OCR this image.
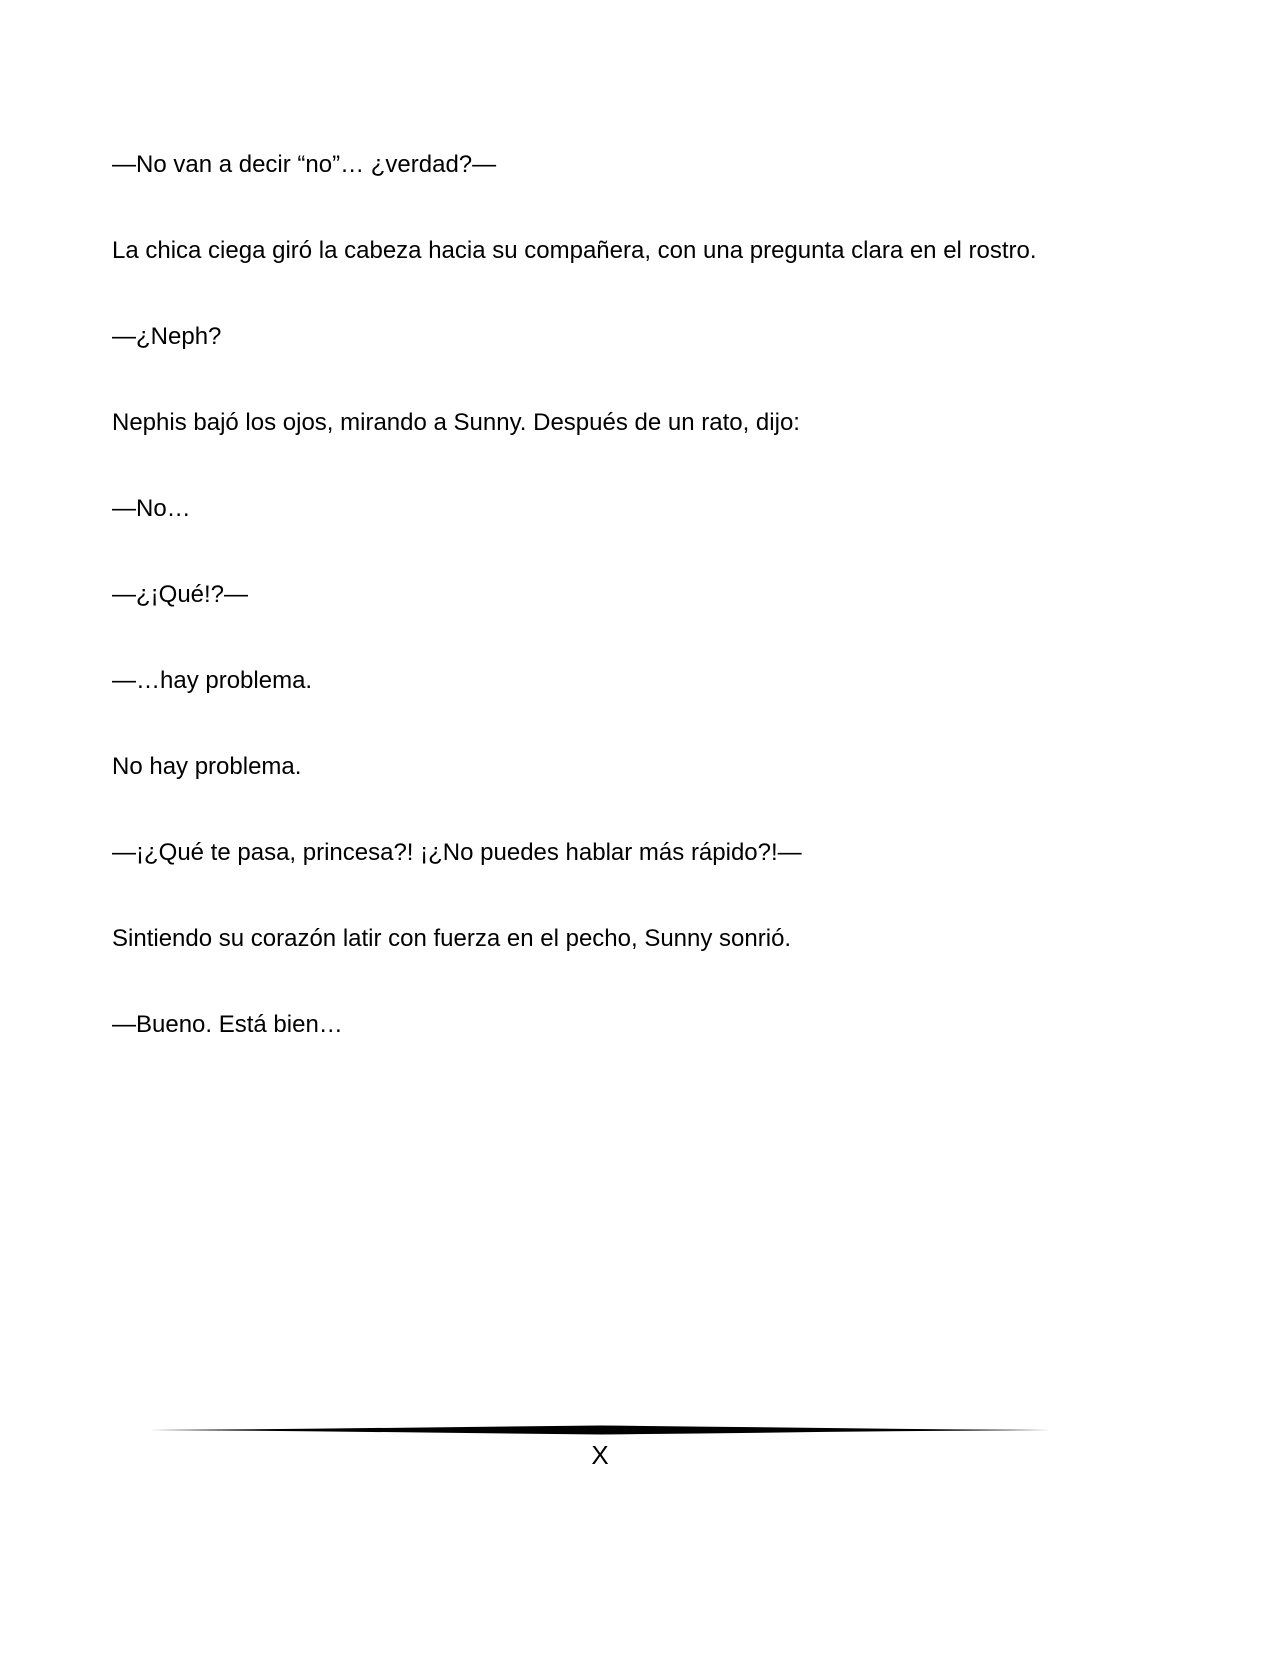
—No van a decir “no”… ¿verdad?—

La chica ciega giró la cabeza hacia su compañera, con una pregunta clara en el rostro.

—¿Neph?

Nephis bajó los ojos, mirando a Sunny. Después de un rato, dijo:

—No…

—¿¡Qué!?—

—…hay problema.

No hay problema.

—¡¿Qué te pasa, princesa?! ¡¿No puedes hablar más rápido?!—

Sintiendo su corazón latir con fuerza en el pecho, Sunny sonrió.

—Bueno. Está bien…

X
